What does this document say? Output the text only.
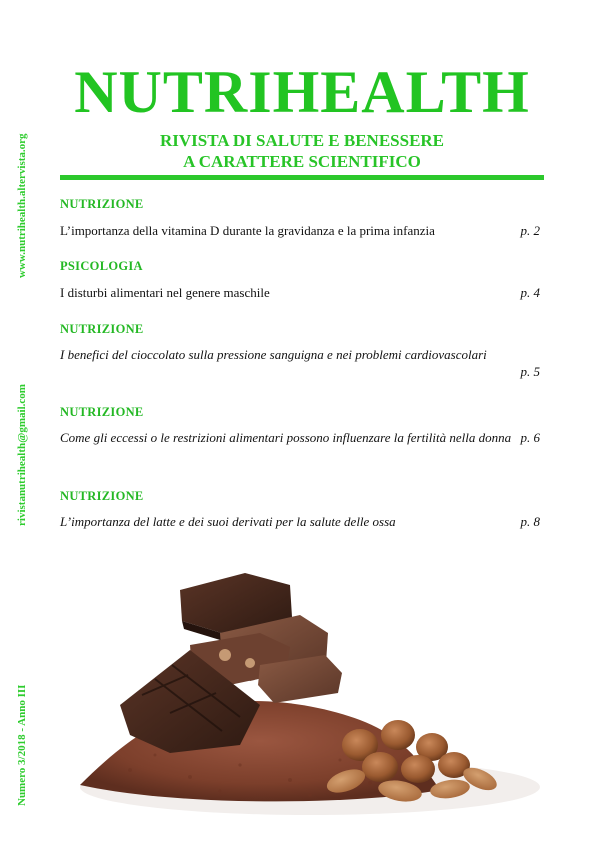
www.nutrihealth.altervista.org
rivistanutrihealth@gmail.com
Numero 3/2018 - Anno III
NUTRIHEALTH
RIVISTA DI SALUTE E BENESSERE
A CARATTERE SCIENTIFICO
NUTRIZIONE
L’importanza della vitamina D durante la gravidanza e la prima infanzia	p. 2
PSICOLOGIA
I disturbi alimentari nel genere maschile	p. 4
NUTRIZIONE
I benefici del cioccolato sulla pressione sanguigna e nei problemi cardiovascolari
p. 5
NUTRIZIONE
Come gli eccessi o le restrizioni alimentari possono influenzare la fertilità nella donna p. 6
NUTRIZIONE
L’importanza del latte e dei suoi derivati per la salute delle ossa	p. 8
